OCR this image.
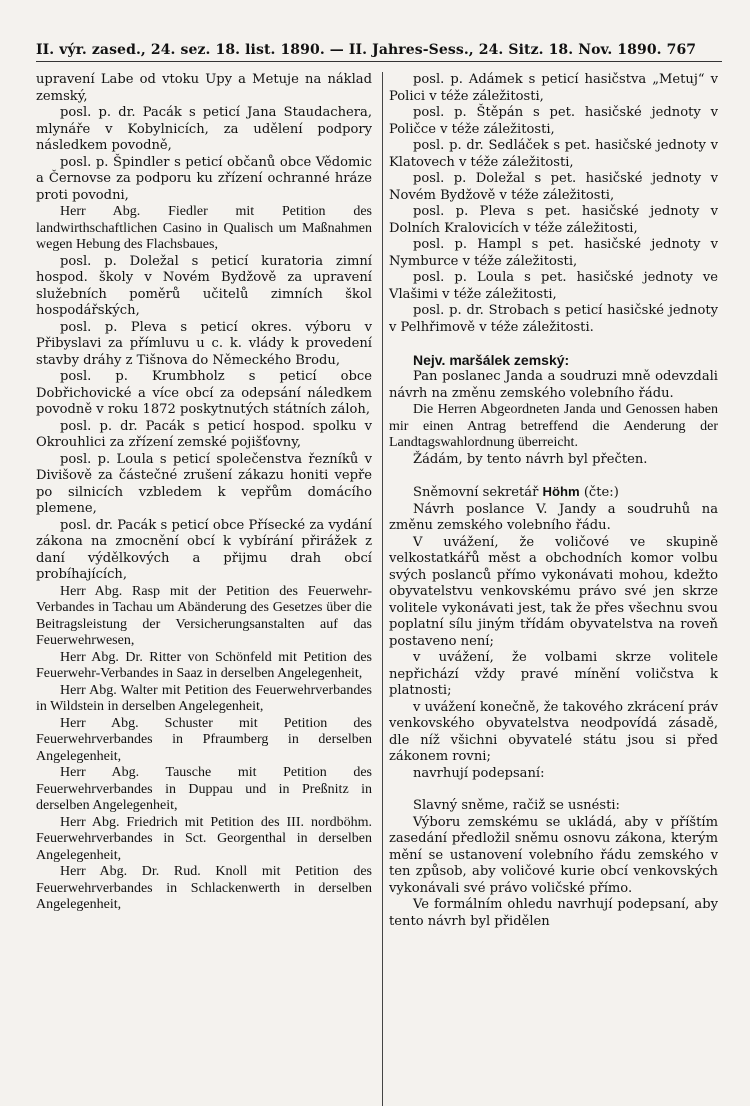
II. výr. zased., 24. sez. 18. list. 1890. — II. Jahres-Sess., 24. Sitz. 18. Nov. 1890. 767

upravení Labe od vtoku Upy a Metuje na náklad zemský,

posl. p. dr. Pacák s peticí Jana Staudachera, mlynáře v Kobylnicích, za udělení podpory následkem povodně,

posl. p. Špindler s peticí občanů obce Vědomic a Černovse za podporu ku zřízení ochranné hráze proti povodni,

Herr Abg. Fiedler mit Petition des landwirthschaftlichen Casino in Qualisch um Maßnahmen wegen Hebung des Flachsbaues,

posl. p. Doležal s peticí kuratoria zimní hospod. školy v Novém Bydžově za upravení služebních poměrů učitelů zimních škol hospodářských,

posl. p. Pleva s peticí okres. výboru v Přibyslavi za přímluvu u c. k. vlády k provedení stavby dráhy z Tišnova do Německého Brodu,

posl. p. Krumbholz s peticí obce Dobřichovické a více obcí za odepsání náledkem povodně v roku 1872 poskytnutých státních záloh,

posl. p. dr. Pacák s peticí hospod. spolku v Okrouhlici za zřízení zemské pojišťovny,

posl. p. Loula s peticí společenstva řezníků v Divišově za částečné zrušení zákazu honiti vepře po silnicích vzbledem k vepřům domácího plemene,

posl. dr. Pacák s peticí obce Přísecké za vydání zákona na zmocnění obcí k vybírání přirážek z daní výdělkových a přijmu drah obcí probíhajících,

Herr Abg. Rasp mit der Petition des Feuerwehr-Verbandes in Tachau um Abänderung des Gesetzes über die Beitragsleistung der Versicherungsanstalten auf das Feuerwehrwesen,

Herr Abg. Dr. Ritter von Schönfeld mit Petition des Feuerwehr-Verbandes in Saaz in derselben Angelegenheit,

Herr Abg. Walter mit Petition des Feuerwehrverbandes in Wildstein in derselben Angelegenheit,

Herr Abg. Schuster mit Petition des Feuerwehrverbandes in Pfraumberg in derselben Angelegenheit,

Herr Abg. Tausche mit Petition des Feuerwehrverbandes in Duppau und in Preßnitz in derselben Angelegenheit,

Herr Abg. Friedrich mit Petition des III. nordböhm. Feuerwehrverbandes in Sct. Georgenthal in derselben Angelegenheit,

Herr Abg. Dr. Rud. Knoll mit Petition des Feuerwehrverbandes in Schlackenwerth in derselben Angelegenheit,

posl. p. Adámek s peticí hasičstva „Metuj“ v Polici v téže záležitosti,

posl. p. Štěpán s pet. hasičské jednoty v Poličce v téže záležitosti,

posl. p. dr. Sedláček s pet. hasičské jednoty v Klatovech v téže záležitosti,

posl. p. Doležal s pet. hasičské jednoty v Novém Bydžově v téže záležitosti,

posl. p. Pleva s pet. hasičské jednoty v Dolních Kralovicích v téže záležitosti,

posl. p. Hampl s pet. hasičské jednoty v Nymburce v téže záležitosti,

posl. p. Loula s pet. hasičské jednoty ve Vlašimi v téže záležitosti,

posl. p. dr. Strobach s peticí hasičské jednoty v Pelhřimově v téže záležitosti.

Nejv. maršálek zemský:

Pan poslanec Janda a soudruzi mně odevzdali návrh na změnu zemského volebního řádu.

Die Herren Abgeordneten Janda und Genossen haben mir einen Antrag betreffend die Aenderung der Landtagswahlordnung überreicht.

Žádám, by tento návrh byl přečten.

Sněmovní sekretář Höhm (čte:)

Návrh poslance V. Jandy a soudruhů na změnu zemského volebního řádu.

V uvážení, že voličové ve skupině velkostatkářů měst a obchodních komor volbu svých poslanců přímo vykonávati mohou, kdežto obyvatelstvu venkovskému právo své jen skrze volitele vykonávati jest, tak že přes všechnu svou poplatní sílu jiným třídám obyvatelstva na roveň postaveno není;

v uvážení, že volbami skrze volitele nepřichází vždy pravé mínění voličstva k platnosti;

v uvážení konečně, že takového zkrácení práv venkovského obyvatelstva neodpovídá zásadě, dle níž všichni obyvatelé státu jsou si před zákonem rovni;

navrhují podepsaní:

Slavný sněme, račiž se usnésti:

Výboru zemskému se ukládá, aby v příštím zasedání předložil sněmu osnovu zákona, kterým mění se ustanovení volebního řádu zemského v ten způsob, aby voličové kurie obcí venkovských vykonávali své právo voličské přímo.

Ve formálním ohledu navrhují podepsaní, aby tento návrh byl přidělen
